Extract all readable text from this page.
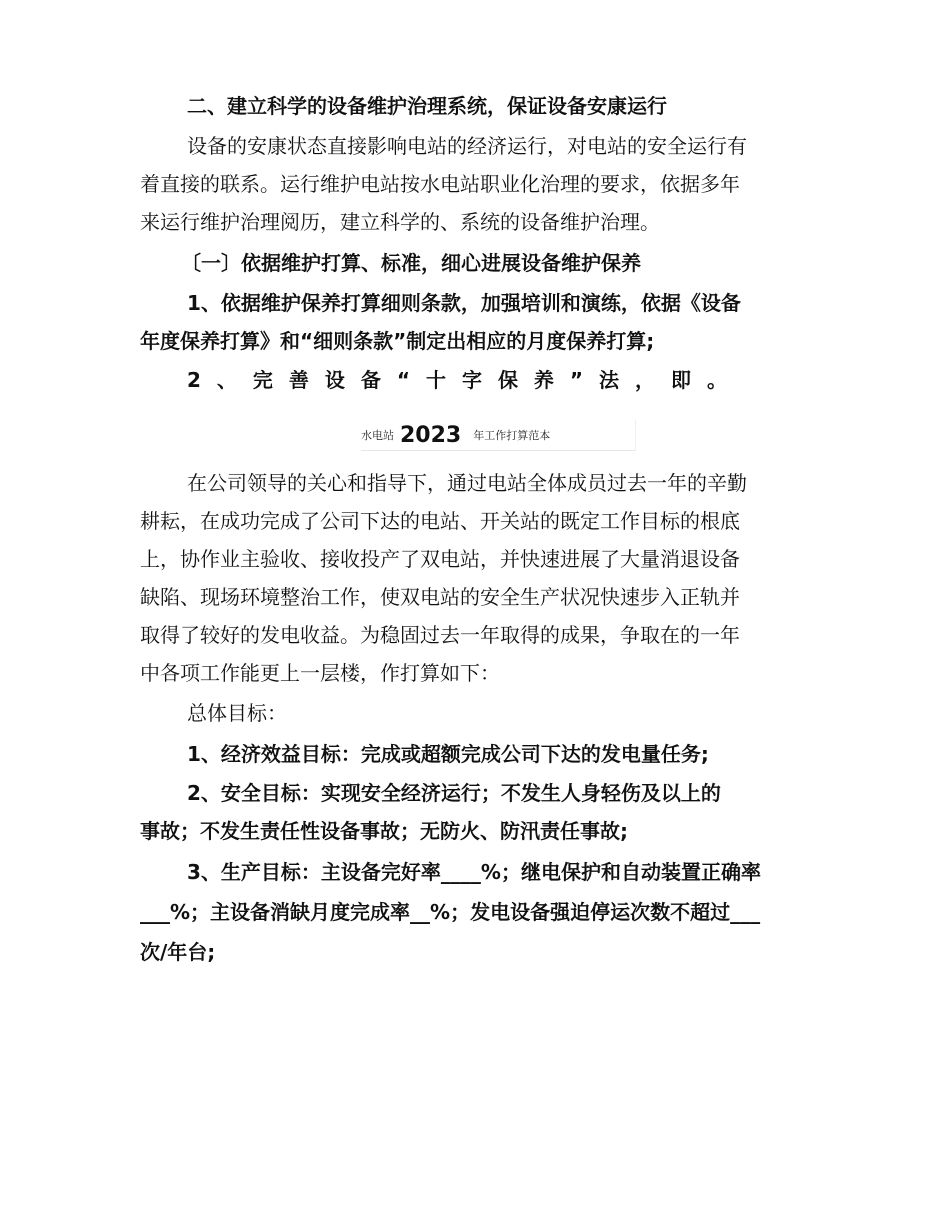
二、建立科学的设备维护治理系统，保证设备安康运行
设备的安康状态直接影响电站的经济运行，对电站的安全运行有
着直接的联系。运行维护电站按水电站职业化治理的要求，依据多年
来运行维护治理阅历，建立科学的、系统的设备维护治理。
〔一〕依据维护打算、标准，细心进展设备维护保养
1、依据维护保养打算细则条款，加强培训和演练，依据《设备
年度保养打算》和“细则条款”制定出相应的月度保养打算;
2 、 完 善 设 备 “ 十 字 保 养 ” 法 ， 即 。
水电站 2023 年工作打算范本
在公司领导的关心和指导下，通过电站全体成员过去一年的辛勤
耕耘，在成功完成了公司下达的电站、开关站的既定工作目标的根底
上，协作业主验收、接收投产了双电站，并快速进展了大量消退设备
缺陷、现场环境整治工作，使双电站的安全生产状况快速步入正轨并
取得了较好的发电收益。为稳固过去一年取得的成果，争取在的一年
中各项工作能更上一层楼，作打算如下：
总体目标：
1、经济效益目标：完成或超额完成公司下达的发电量任务;
2、安全目标：实现安全经济运行；不发生人身轻伤及以上的
事故；不发生责任性设备事故；无防火、防汛责任事故;
3、生产目标：主设备完好率____%；继电保护和自动装置正确率
___%；主设备消缺月度完成率__%；发电设备强迫停运次数不超过___
次/年台;
